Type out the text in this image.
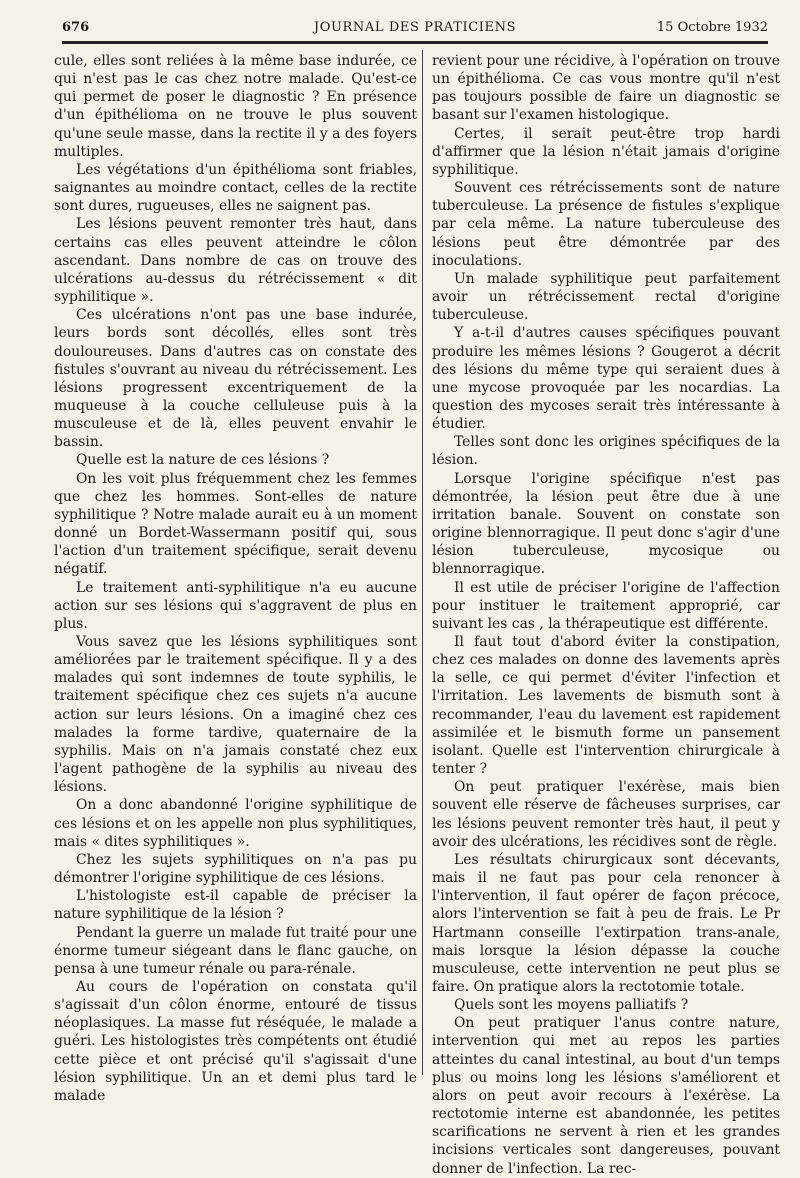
JOURNAL DES PRATICIENS
676	15 Octobre 1932

cule, elles sont reliées à la même base indurée, ce qui n'est pas le cas chez notre malade. Qu'est-ce qui permet de poser le diagnostic ? En présence d'un épithélioma on ne trouve le plus souvent qu'une seule masse, dans la rectite il y a des foyers multiples.

Les végétations d'un épithélioma sont friables, saignantes au moindre contact, celles de la rectite sont dures, rugueuses, elles ne saignent pas.

Les lésions peuvent remonter très haut, dans certains cas elles peuvent atteindre le côlon ascendant. Dans nombre de cas on trouve des ulcérations au-dessus du rétrécissement « dit syphilitique ».

Ces ulcérations n'ont pas une base indurée, leurs bords sont décollés, elles sont très douloureuses. Dans d'autres cas on constate des fistules s'ouvrant au niveau du rétrécissement. Les lésions progressent excentriquement de la muqueuse à la couche celluleuse puis à la musculeuse et de là, elles peuvent envahir le bassin.

Quelle est la nature de ces lésions ?

On les voit plus fréquemment chez les femmes que chez les hommes. Sont-elles de nature syphilitique ? Notre malade aurait eu à un moment donné un Bordet-Wassermann positif qui, sous l'action d'un traitement spécifique, serait devenu négatif.

Le traitement anti-syphilitique n'a eu aucune action sur ses lésions qui s'aggravent de plus en plus.

Vous savez que les lésions syphilitiques sont améliorées par le traitement spécifique. Il y a des malades qui sont indemnes de toute syphilis, le traitement spécifique chez ces sujets n'a aucune action sur leurs lésions. On a imaginé chez ces malades la forme tardive, quaternaire de la syphilis. Mais on n'a jamais constaté chez eux l'agent pathogène de la syphilis au niveau des lésions.

On a donc abandonné l'origine syphilitique de ces lésions et on les appelle non plus syphilitiques, mais « dites syphilitiques ».

Chez les sujets syphilitiques on n'a pas pu démontrer l'origine syphilitique de ces lésions.

L'histologiste est-il capable de préciser la nature syphilitique de la lésion ?

Pendant la guerre un malade fut traité pour une énorme tumeur siégeant dans le flanc gauche, on pensa à une tumeur rénale ou para-rénale.

Au cours de l'opération on constata qu'il s'agissait d'un côlon énorme, entouré de tissus néoplasiques. La masse fut réséquée, le malade a guéri. Les histologistes très compétents ont étudié cette pièce et ont précisé qu'il s'agissait d'une lésion syphilitique. Un an et demi plus tard le malade

revient pour une récidive, à l'opération on trouve un épithélioma. Ce cas vous montre qu'il n'est pas toujours possible de faire un diagnostic se basant sur l'examen histologique.

Certes, il serait peut-être trop hardi d'affirmer que la lésion n'était jamais d'origine syphilitique.

Souvent ces rétrécissements sont de nature tuberculeuse. La présence de fistules s'explique par cela même. La nature tuberculeuse des lésions peut être démontrée par des inoculations.

Un malade syphilitique peut parfaitement avoir un rétrécissement rectal d'origine tuberculeuse.

Y a-t-il d'autres causes spécifiques pouvant produire les mêmes lésions ? Gougerot a décrit des lésions du même type qui seraient dues à une mycose provoquée par les nocardias. La question des mycoses serait très intéressante à étudier.

Telles sont donc les origines spécifiques de la lésion.

Lorsque l'origine spécifique n'est pas démontrée, la lésion peut être due à une irritation banale. Souvent on constate son origine blennorragique. Il peut donc s'agir d'une lésion tuberculeuse, mycosique ou blennorragique.

Il est utile de préciser l'origine de l'affection pour instituer le traitement approprié, car suivant les cas , la thérapeutique est différente.

Il faut tout d'abord éviter la constipation, chez ces malades on donne des lavements après la selle, ce qui permet d'éviter l'infection et l'irritation. Les lavements de bismuth sont à recommander, l'eau du lavement est rapidement assimilée et le bismuth forme un pansement isolant. Quelle est l'intervention chirurgicale à tenter ?

On peut pratiquer l'exérèse, mais bien souvent elle réserve de fâcheuses surprises, car les lésions peuvent remonter très haut, il peut y avoir des ulcérations, les récidives sont de règle.

Les résultats chirurgicaux sont décevants, mais il ne faut pas pour cela renoncer à l'intervention, il faut opérer de façon précoce, alors l'intervention se fait à peu de frais. Le Pr Hartmann conseille l'extirpation trans-anale, mais lorsque la lésion dépasse la couche musculeuse, cette intervention ne peut plus se faire. On pratique alors la rectotomie totale.

Quels sont les moyens palliatifs ?

On peut pratiquer l'anus contre nature, intervention qui met au repos les parties atteintes du canal intestinal, au bout d'un temps plus ou moins long les lésions s'améliorent et alors on peut avoir recours à l'exérèse. La rectotomie interne est abandonnée, les petites scarifications ne servent à rien et les grandes incisions verticales sont dangereuses, pouvant donner de l'infection. La rec-
